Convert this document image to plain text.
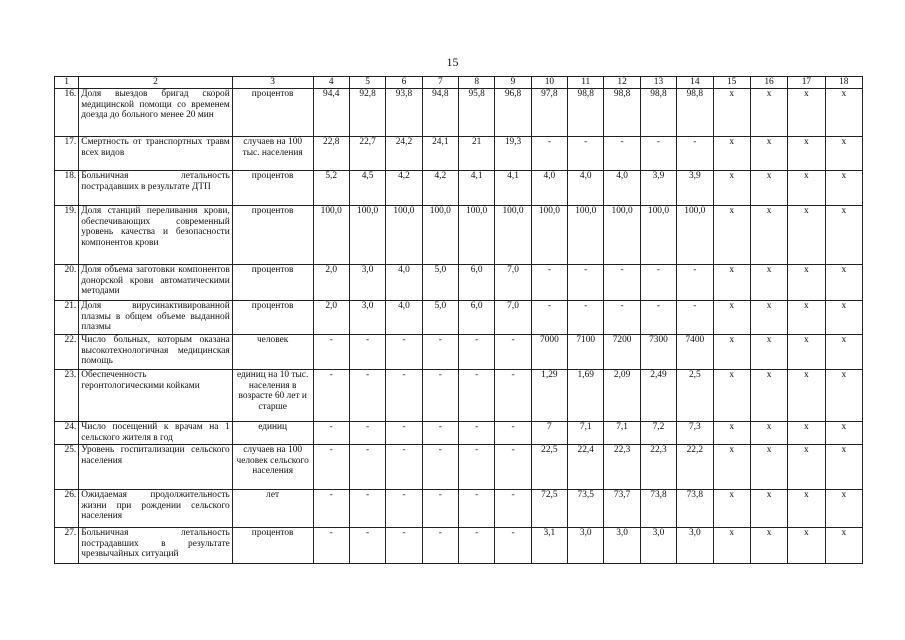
15
1	2	3	4	5	6	7	8	9	10	11	12	13	14	15	16	17	18
16.	Доля выездов бригад скорой медицинской помощи со временем доезда до больного менее 20 мин	процентов	94,4	92,8	93,8	94,8	95,8	96,8	97,8	98,8	98,8	98,8	98,8	x	x	x	x
17.	Смертность от транспортных травм всех видов	случаев на 100 тыс. населения	22,8	22,7	24,2	24,1	21	19,3	-	-	-	-	-	x	x	x	x
18.	Больничная летальность пострадавших в результате ДТП	процентов	5,2	4,5	4,2	4,2	4,1	4,1	4,0	4,0	4,0	3,9	3,9	x	x	x	x
19.	Доля станций переливания крови, обеспечивающих современный уровень качества и безопасности компонентов крови	процентов	100,0	100,0	100,0	100,0	100,0	100,0	100,0	100,0	100,0	100,0	100,0	x	x	x	x
20.	Доля объема заготовки компонентов донорской крови автоматическими методами	процентов	2,0	3,0	4,0	5,0	6,0	7,0	-	-	-	-	-	x	x	x	x
21.	Доля вирусинактивированной плазмы в общем объеме выданной плазмы	процентов	2,0	3,0	4,0	5,0	6,0	7,0	-	-	-	-	-	x	x	x	x
22.	Число больных, которым оказана высокотехнологичная медицинская помощь	человек	-	-	-	-	-	-	7000	7100	7200	7300	7400	x	x	x	x
23.	Обеспеченность геронтологическими койками	единиц на 10 тыс. населения в возрасте 60 лет и старше	-	-	-	-	-	-	1,29	1,69	2,09	2,49	2,5	x	x	x	x
24.	Число посещений к врачам на 1 сельского жителя в год	единиц	-	-	-	-	-	-	7	7,1	7,1	7,2	7,3	x	x	x	x
25.	Уровень госпитализации сельского населения	случаев на 100 человек сельского населения	-	-	-	-	-	-	22,5	22,4	22,3	22,3	22,2	x	x	x	x
26.	Ожидаемая продолжительность жизни при рождении сельского населения	лет	-	-	-	-	-	-	72,5	73,5	73,7	73,8	73,8	x	x	x	x
27.	Больничная летальность пострадавших в результате чрезвычайных ситуаций	процентов	-	-	-	-	-	-	3,1	3,0	3,0	3,0	3,0	x	x	x	x
